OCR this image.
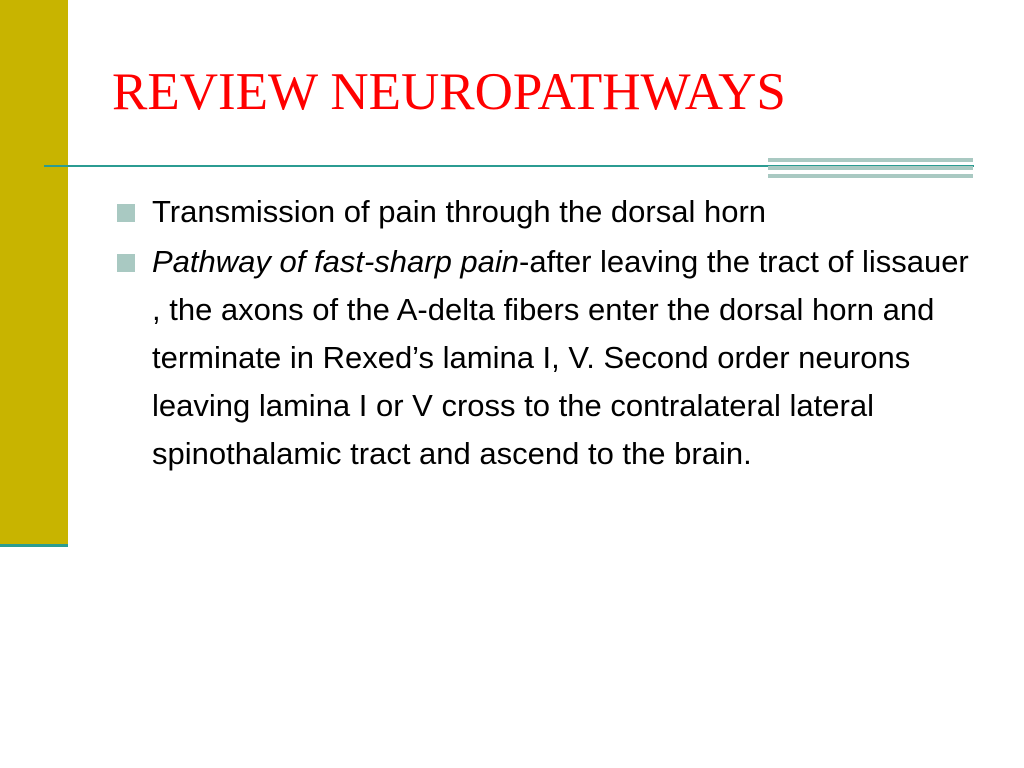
REVIEW NEUROPATHWAYS
Transmission of pain through the dorsal horn
Pathway of fast-sharp pain-after leaving the tract of lissauer , the axons of the A-delta fibers enter the dorsal horn and terminate in Rexed’s lamina I, V. Second order neurons leaving lamina I or V cross to the contralateral lateral spinothalamic tract and ascend to the brain.
